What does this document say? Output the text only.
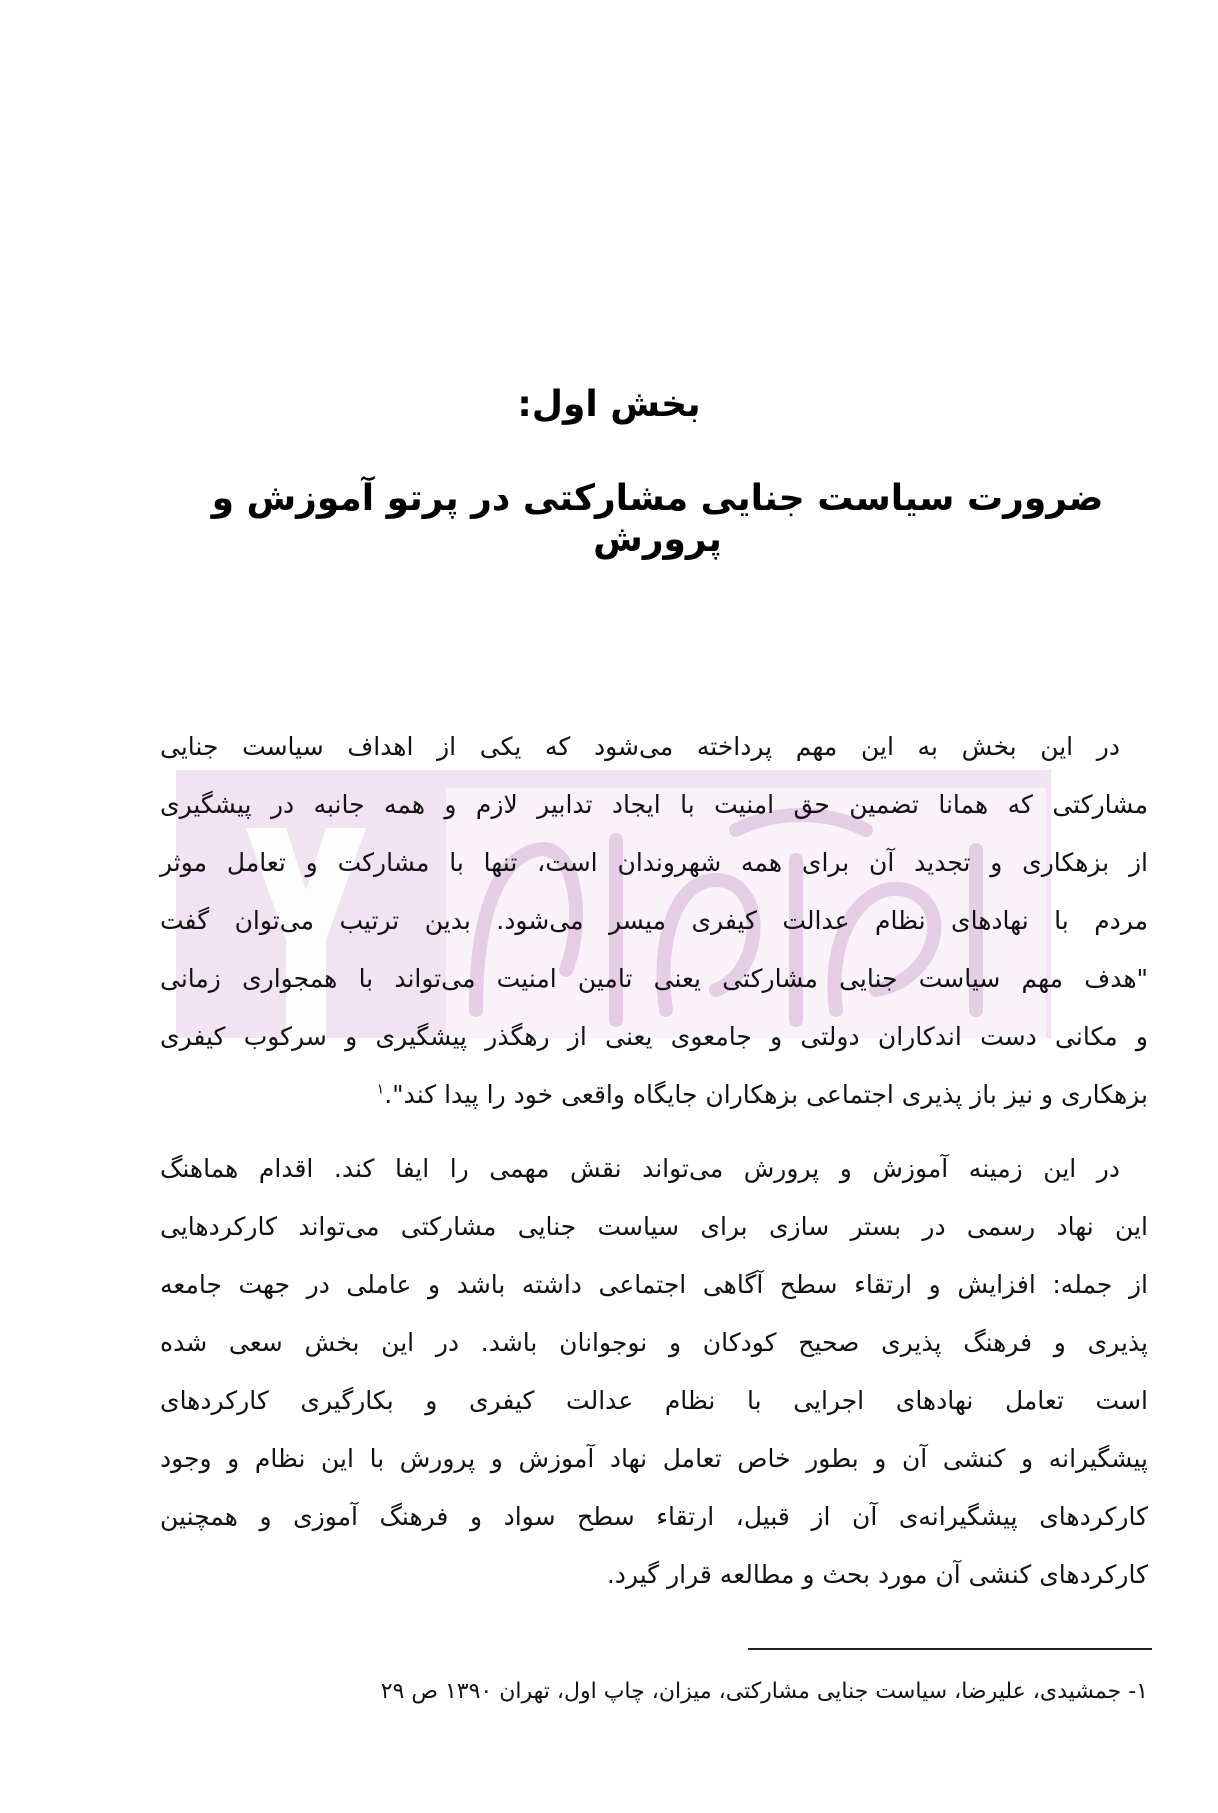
بخش اول:
ضرورت سیاست جنایی مشارکتی در پرتو آموزش و پرورش
در این بخش به این مهم پرداخته می‌شود که یکی از اهداف سیاست جنایی
مشارکتی که همانا تضمین حق امنیت با ایجاد تدابیر لازم و همه جانبه در پیشگیری
از بزهکاری و تجدید آن برای همه شهروندان است، تنها با مشارکت و تعامل موثر
مردم با نهادهای نظام عدالت کیفری میسر می‌شود. بدین ترتیب می‌توان گفت
"هدف مهم سیاست جنایی مشارکتی یعنی تامین امنیت می‌تواند با همجواری زمانی
و مکانی دست اندکاران دولتی و جامعوی یعنی از رهگذر پیشگیری و سرکوب کیفری
بزهکاری و نیز باز پذیری اجتماعی بزهکاران جایگاه واقعی خود را پیدا کند".$^۱$
در این زمینه آموزش و پرورش می‌تواند نقش مهمی را ایفا کند. اقدام هماهنگ
این نهاد رسمی در بستر سازی برای سیاست جنایی مشارکتی می‌تواند کارکردهایی
از جمله: افزایش و ارتقاء سطح آگاهی اجتماعی داشته باشد و عاملی در جهت جامعه
پذیری و فرهنگ پذیری صحیح کودکان و نوجوانان باشد. در این بخش سعی شده
است تعامل نهادهای اجرایی با نظام عدالت کیفری و بکارگیری کارکردهای
پیشگیرانه و کنشی آن و بطور خاص تعامل نهاد آموزش و پرورش با این نظام و وجود
کارکردهای پیشگیرانه‌ی آن از قبیل، ارتقاء سطح سواد و فرهنگ آموزی و همچنین
کارکردهای کنشی آن مورد بحث و مطالعه قرار گیرد.
۱- جمشیدی، علیرضا، سیاست جنایی مشارکتی، میزان، چاپ اول، تهران ۱۳۹۰ ص ۲۹
